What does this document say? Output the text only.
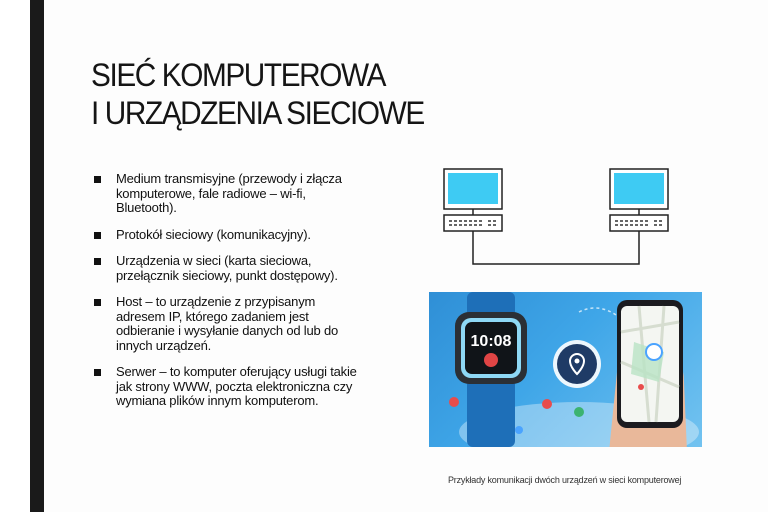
SIEĆ KOMPUTEROWA
I URZĄDZENIA SIECIOWE
Medium transmisyjne (przewody i złącza komputerowe, fale radiowe – wi-fi, Bluetooth).
Protokół sieciowy (komunikacyjny).
Urządzenia w sieci (karta sieciowa, przełącznik sieciowy, punkt dostępowy).
Host – to urządzenie z przypisanym adresem IP, którego zadaniem jest odbieranie i wysyłanie danych od lub do innych urządzeń.
Serwer – to komputer oferujący usługi takie jak strony WWW, poczta elektroniczna czy wymiana plików innym komputerom.
10:08
Przykłady komunikacji dwóch urządzeń w sieci komputerowej
